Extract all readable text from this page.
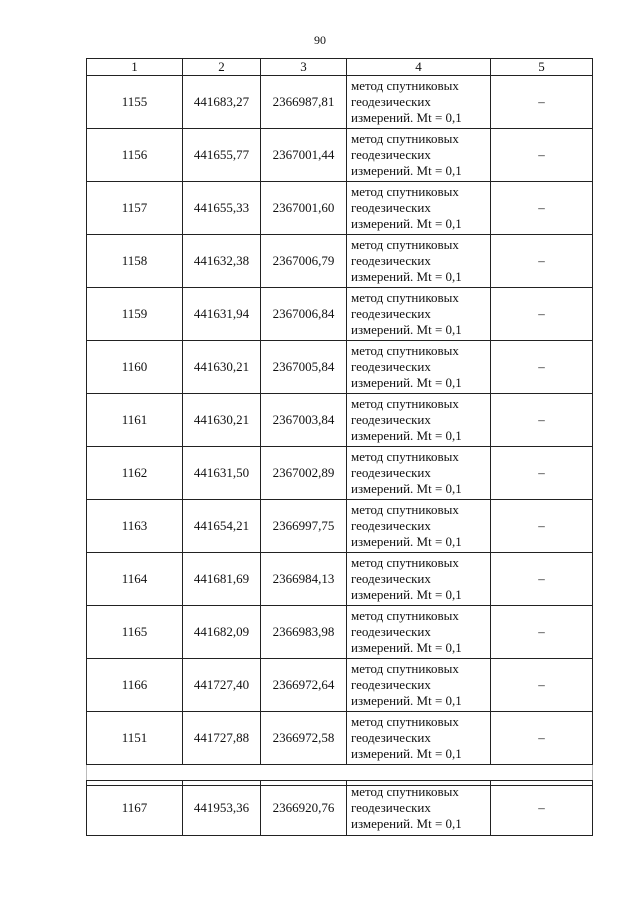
90
1	2	3	4	5
1155	441683,27	2366987,81	метод спутниковых
геодезических
измерений. Mt = 0,1	–
1156	441655,77	2367001,44	метод спутниковых
геодезических
измерений. Mt = 0,1	–
1157	441655,33	2367001,60	метод спутниковых
геодезических
измерений. Mt = 0,1	–
1158	441632,38	2367006,79	метод спутниковых
геодезических
измерений. Mt = 0,1	–
1159	441631,94	2367006,84	метод спутниковых
геодезических
измерений. Mt = 0,1	–
1160	441630,21	2367005,84	метод спутниковых
геодезических
измерений. Mt = 0,1	–
1161	441630,21	2367003,84	метод спутниковых
геодезических
измерений. Mt = 0,1	–
1162	441631,50	2367002,89	метод спутниковых
геодезических
измерений. Mt = 0,1	–
1163	441654,21	2366997,75	метод спутниковых
геодезических
измерений. Mt = 0,1	–
1164	441681,69	2366984,13	метод спутниковых
геодезических
измерений. Mt = 0,1	–
1165	441682,09	2366983,98	метод спутниковых
геодезических
измерений. Mt = 0,1	–
1166	441727,40	2366972,64	метод спутниковых
геодезических
измерений. Mt = 0,1	–
1151	441727,88	2366972,58	метод спутниковых
геодезических
измерений. Mt = 0,1	–

1167	441953,36	2366920,76	метод спутниковых
геодезических
измерений. Mt = 0,1	–
